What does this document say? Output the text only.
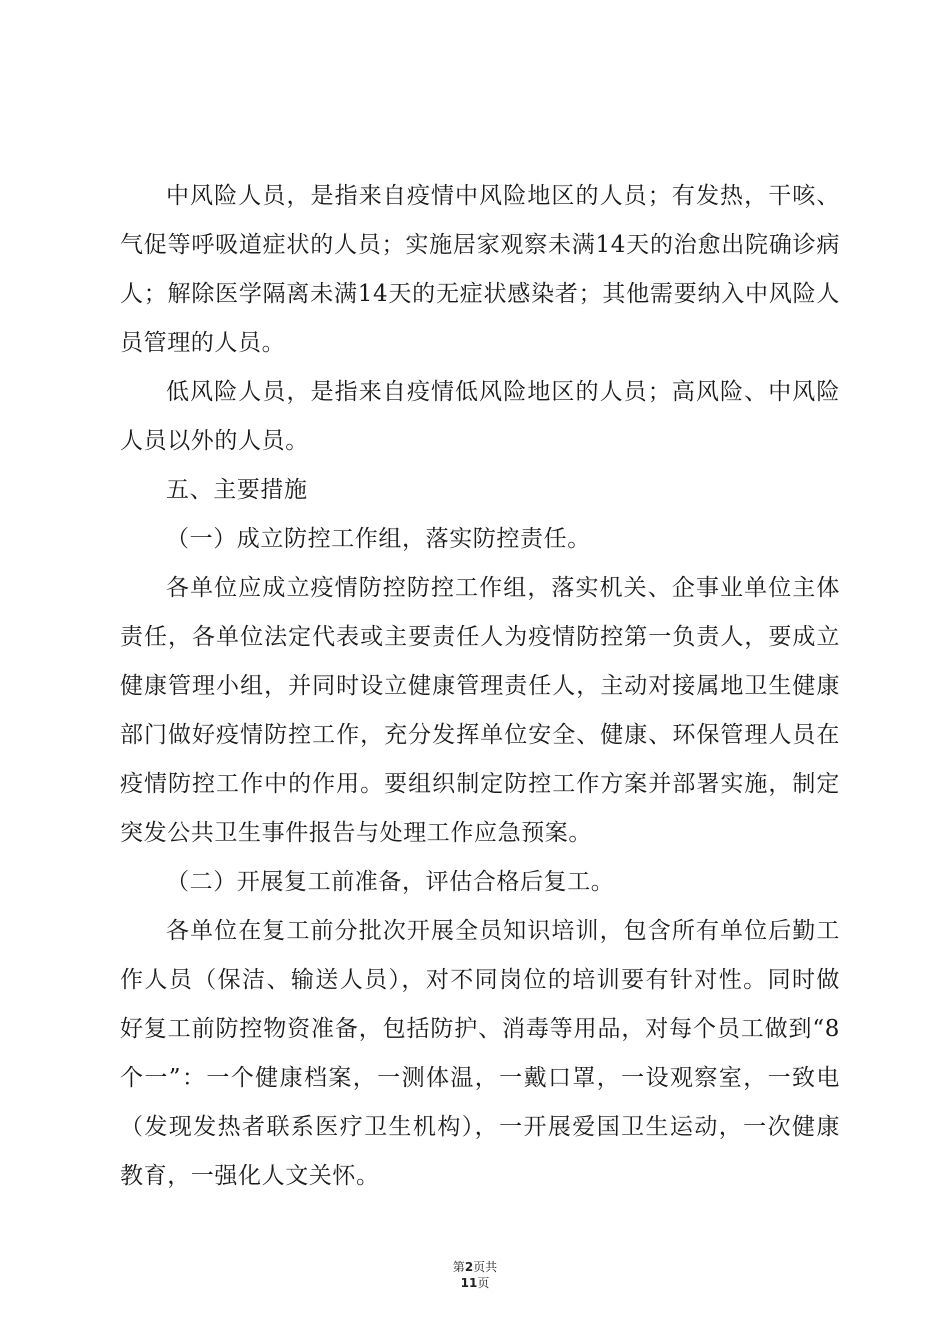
中风险人员，是指来自疫情中风险地区的人员；有发热，干咳、气促等呼吸道症状的人员；实施居家观察未满14天的治愈出院确诊病人；解除医学隔离未满14天的无症状感染者；其他需要纳入中风险人员管理的人员。

低风险人员，是指来自疫情低风险地区的人员；高风险、中风险人员以外的人员。

五、主要措施

（一）成立防控工作组，落实防控责任。

各单位应成立疫情防控防控工作组，落实机关、企事业单位主体责任，各单位法定代表或主要责任人为疫情防控第一负责人，要成立健康管理小组，并同时设立健康管理责任人，主动对接属地卫生健康部门做好疫情防控工作，充分发挥单位安全、健康、环保管理人员在疫情防控工作中的作用。要组织制定防控工作方案并部署实施，制定突发公共卫生事件报告与处理工作应急预案。

（二）开展复工前准备，评估合格后复工。

各单位在复工前分批次开展全员知识培训，包含所有单位后勤工作人员（保洁、输送人员），对不同岗位的培训要有针对性。同时做好复工前防控物资准备，包括防护、消毒等用品，对每个员工做到“8个一”：一个健康档案，一测体温，一戴口罩，一设观察室，一致电（发现发热者联系医疗卫生机构），一开展爱国卫生运动，一次健康教育，一强化人文关怀。

第2页共
11页
